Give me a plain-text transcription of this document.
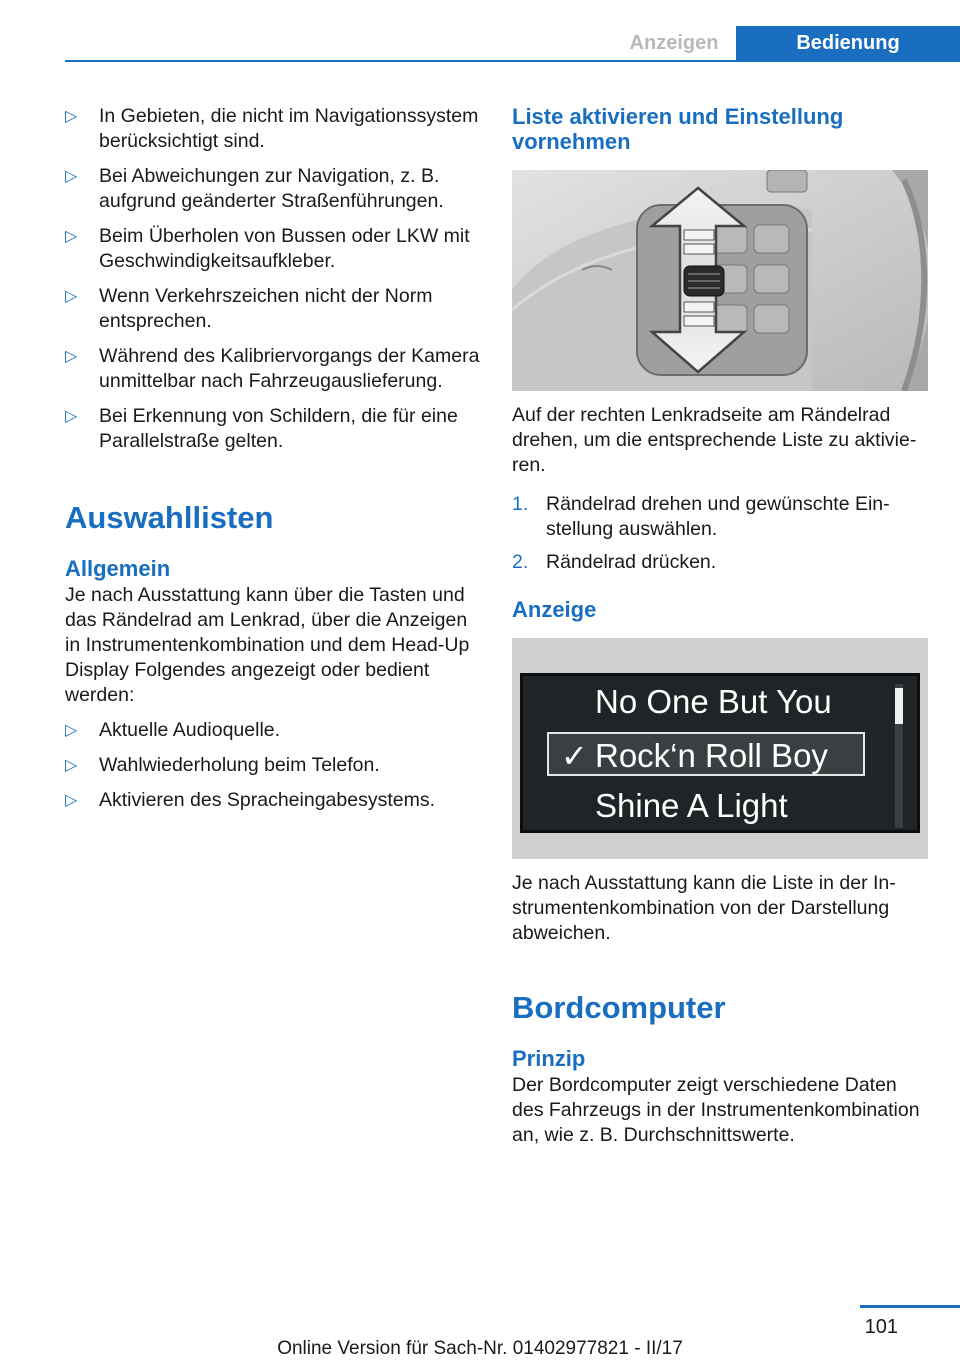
Anzeigen	Bedienung
▷ In Gebieten, die nicht im Navigationssystem berücksichtigt sind.
▷ Bei Abweichungen zur Navigation, z. B. aufgrund geänderter Straßenführungen.
▷ Beim Überholen von Bussen oder LKW mit Geschwindigkeitsaufkleber.
▷ Wenn Verkehrszeichen nicht der Norm entsprechen.
▷ Während des Kalibriervorgangs der Kamera unmittelbar nach Fahrzeugauslieferung.
▷ Bei Erkennung von Schildern, die für eine Parallelstraße gelten.
Auswahllisten
Allgemein
Je nach Ausstattung kann über die Tasten und das Rändelrad am Lenkrad, über die Anzeigen in Instrumentenkombination und dem Head-Up Display Folgendes angezeigt oder bedient werden:
▷ Aktuelle Audioquelle.
▷ Wahlwiederholung beim Telefon.
▷ Aktivieren des Spracheingabesystems.
Liste aktivieren und Einstellung vornehmen
Auf der rechten Lenkradseite am Rändelrad drehen, um die entsprechende Liste zu aktivieren.
1. Rändelrad drehen und gewünschte Einstellung auswählen.
2. Rändelrad drücken.
Anzeige
No One But You
✓ Rock‘n Roll Boy
Shine A Light
Je nach Ausstattung kann die Liste in der Instrumentenkombination von der Darstellung abweichen.
Bordcomputer
Prinzip
Der Bordcomputer zeigt verschiedene Daten des Fahrzeugs in der Instrumentenkombination an, wie z. B. Durchschnittswerte.
101
Online Version für Sach-Nr. 01402977821 - II/17
